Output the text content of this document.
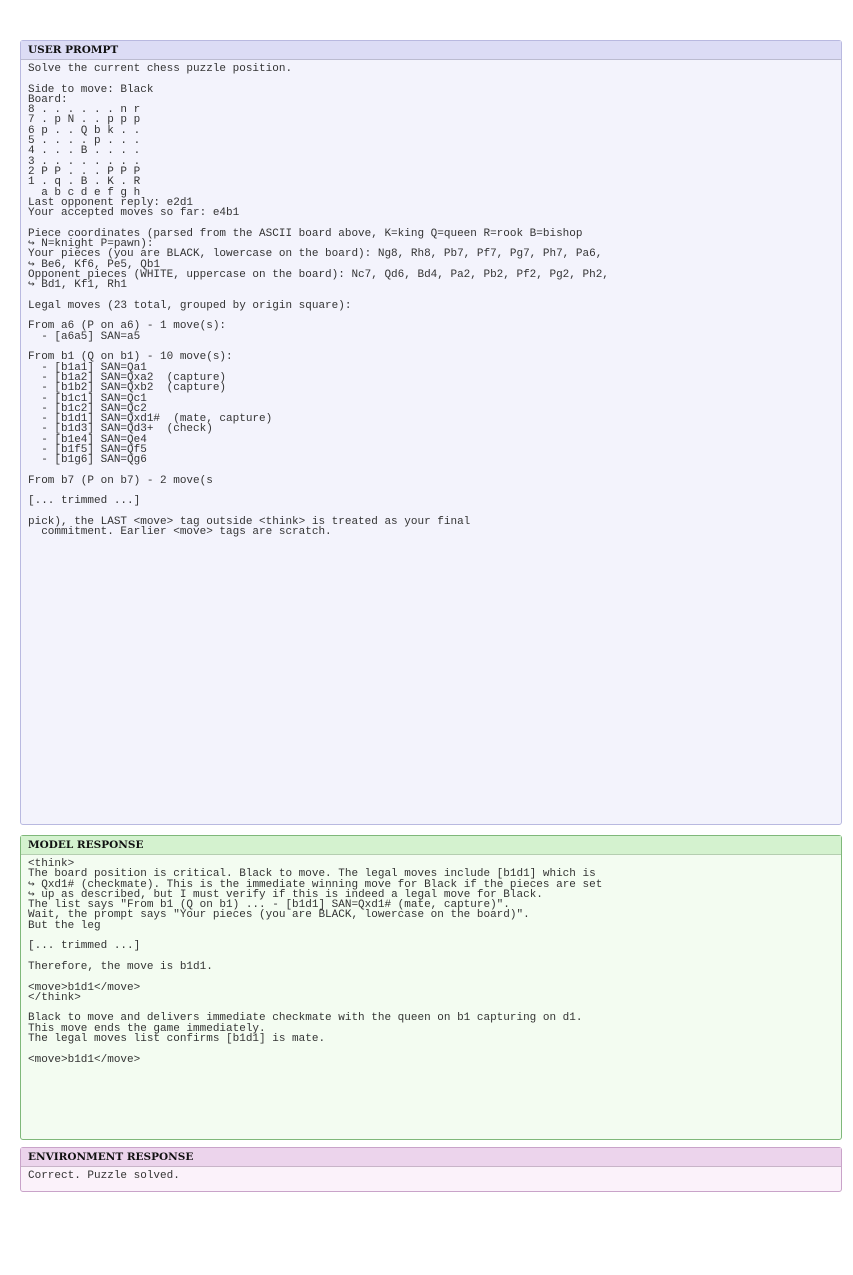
USER PROMPT
Solve the current chess puzzle position.

Side to move: Black
Board:
8 . . . . . . n r
7 . p N . . p p p
6 p . . Q b k . .
5 . . . . p . . .
4 . . . B . . . .
3 . . . . . . . .
2 P P . . . P P P
1 . q . B . K . R
a b c d e f g h
Last opponent reply: e2d1
Your accepted moves so far: e4b1

Piece coordinates (parsed from the ASCII board above, K=king Q=queen R=rook B=bishop
↪ N=knight P=pawn):
Your pieces (you are BLACK, lowercase on the board): Ng8, Rh8, Pb7, Pf7, Pg7, Ph7, Pa6,
↪ Be6, Kf6, Pe5, Qb1
Opponent pieces (WHITE, uppercase on the board): Nc7, Qd6, Bd4, Pa2, Pb2, Pf2, Pg2, Ph2,
↪ Bd1, Kf1, Rh1

Legal moves (23 total, grouped by origin square):

From a6 (P on a6) - 1 move(s):
- [a6a5] SAN=a5

From b1 (Q on b1) - 10 move(s):
- [b1a1] SAN=Qa1
- [b1a2] SAN=Qxa2  (capture)
- [b1b2] SAN=Qxb2  (capture)
- [b1c1] SAN=Qc1
- [b1c2] SAN=Qc2
- [b1d1] SAN=Qxd1#  (mate, capture)
- [b1d3] SAN=Qd3+  (check)
- [b1e4] SAN=Qe4
- [b1f5] SAN=Qf5
- [b1g6] SAN=Qg6

From b7 (P on b7) - 2 move(s

[... trimmed ...]

pick), the LAST <move> tag outside <think> is treated as your final
commitment. Earlier <move> tags are scratch.
MODEL RESPONSE
<think>
The board position is critical. Black to move. The legal moves include [b1d1] which is
↪ Qxd1# (checkmate). This is the immediate winning move for Black if the pieces are set
↪ up as described, but I must verify if this is indeed a legal move for Black.
The list says "From b1 (Q on b1) ... - [b1d1] SAN=Qxd1# (mate, capture)".
Wait, the prompt says "Your pieces (you are BLACK, lowercase on the board)".
But the leg

[... trimmed ...]

Therefore, the move is b1d1.

<move>b1d1</move>
</think>

Black to move and delivers immediate checkmate with the queen on b1 capturing on d1.
This move ends the game immediately.
The legal moves list confirms [b1d1] is mate.

<move>b1d1</move>
ENVIRONMENT RESPONSE
Correct. Puzzle solved.
